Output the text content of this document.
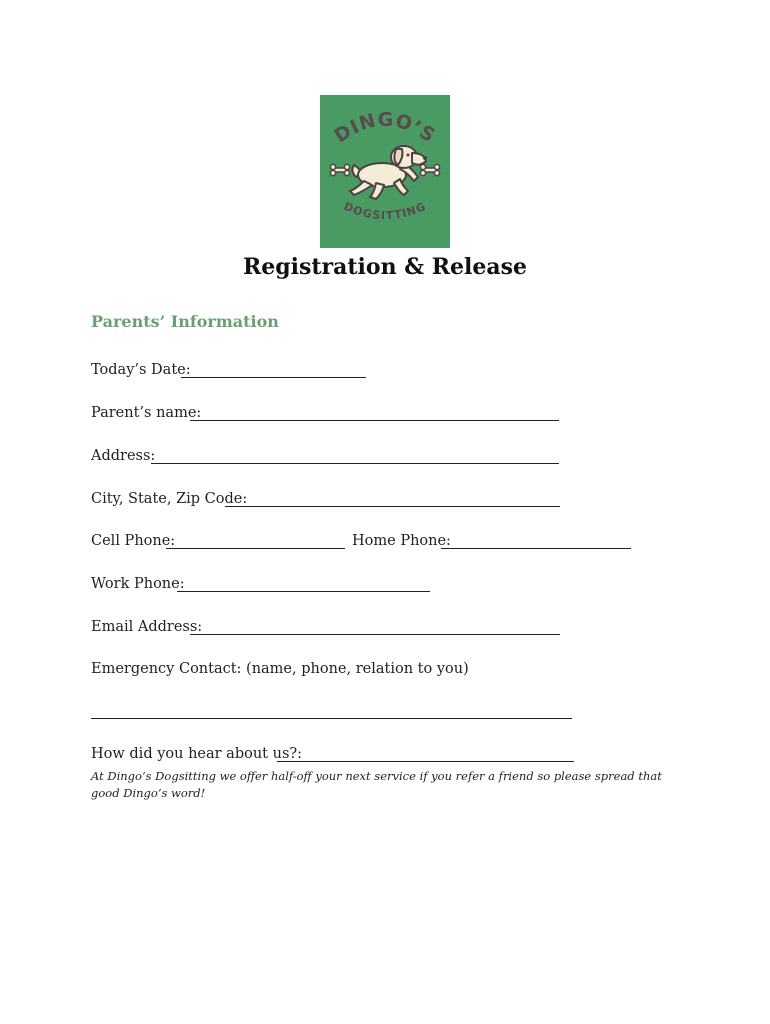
DINGO’S
DOGSITTING
Registration & Release
Parents’ Information
Today’s Date:
Parent’s name:
Address:
City, State, Zip Code:
Cell Phone:	Home Phone:
Work Phone:
Email Address:
Emergency Contact: (name, phone, relation to you)
How did you hear about us?:
At Dingo’s Dogsitting we offer half-off your next service if you refer a friend so please spread that good Dingo’s word!
